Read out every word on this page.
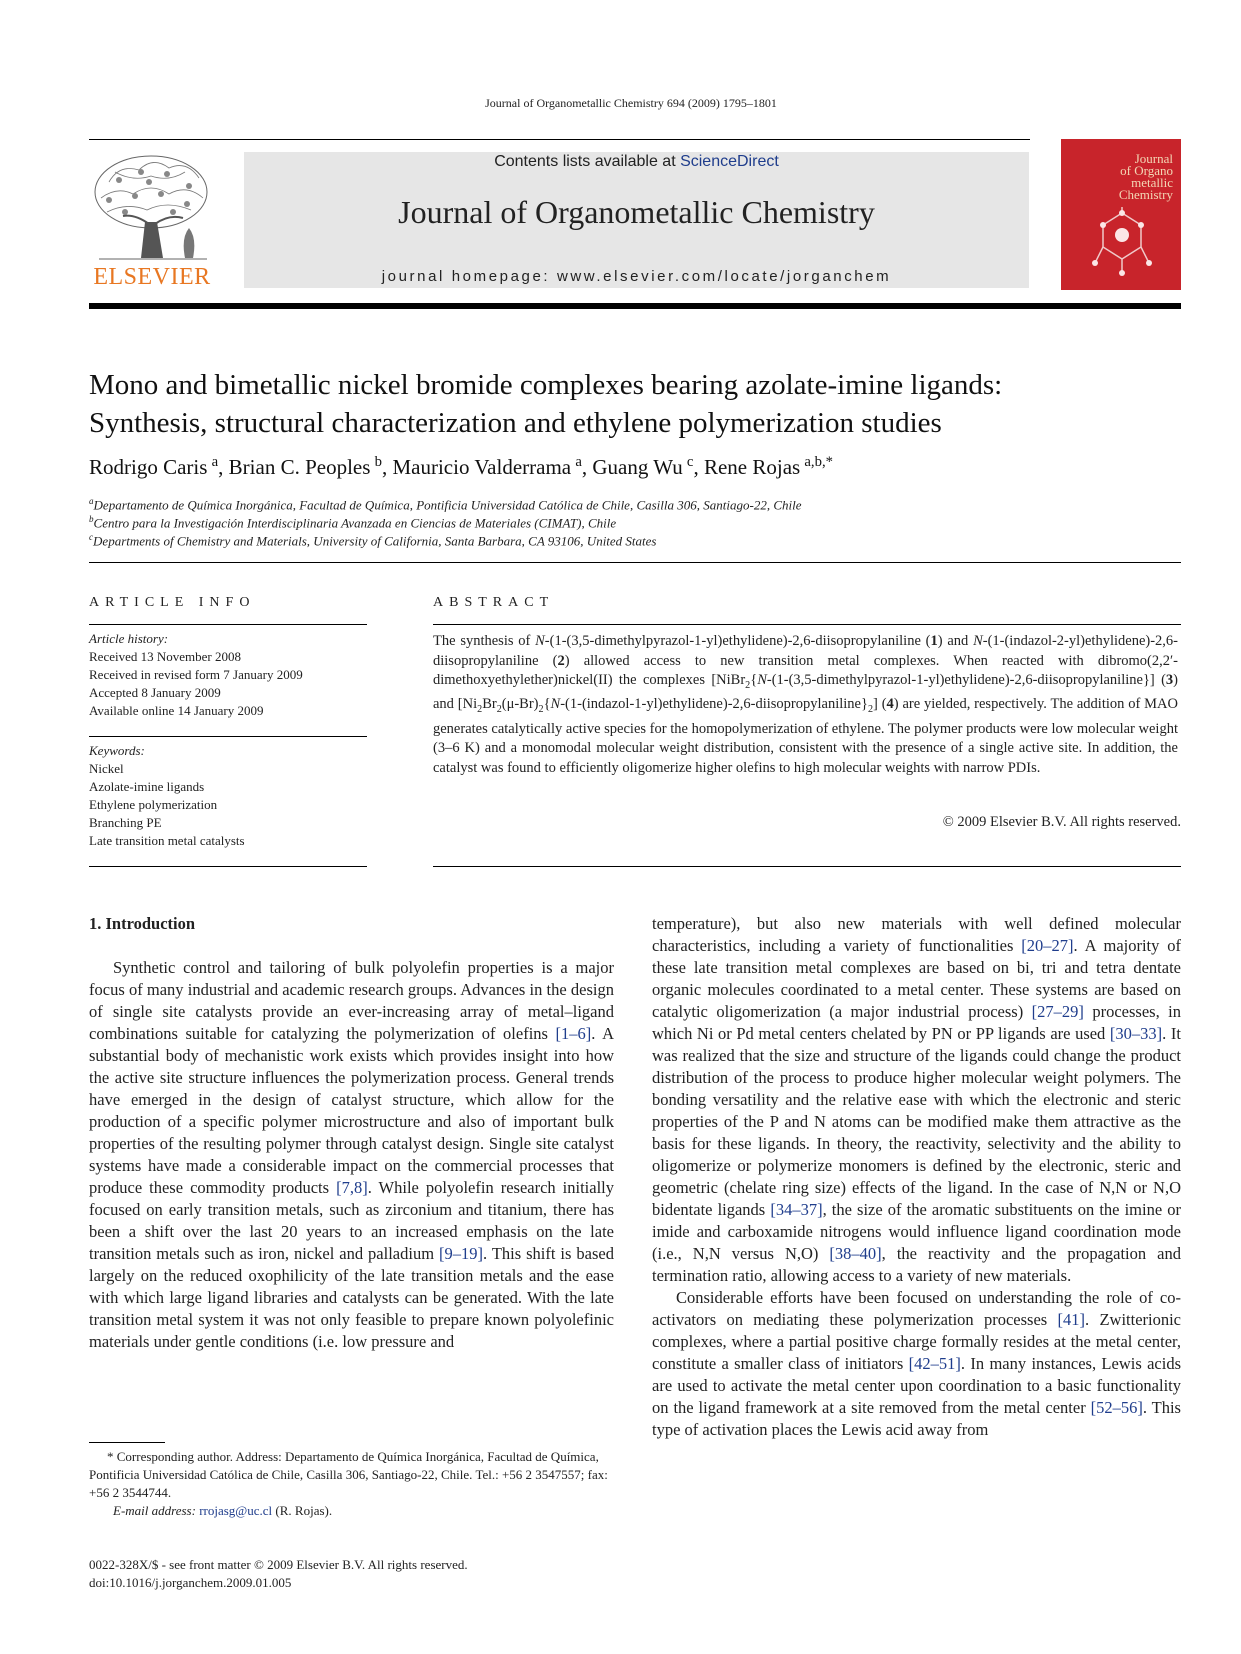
Journal of Organometallic Chemistry 694 (2009) 1795–1801
ELSEVIER
Contents lists available at ScienceDirect
Journal of Organometallic Chemistry
journal homepage: www.elsevier.com/locate/jorganchem
Journal
of Organo
metallic
Chemistry
Mono and bimetallic nickel bromide complexes bearing azolate-imine ligands:
Synthesis, structural characterization and ethylene polymerization studies
Rodrigo Caris  $^a$, Brian C. Peoples  $^b$, Mauricio Valderrama  $^a$, Guang Wu  $^c$, Rene Rojas  $^{a,b,*}$
$^a$Departamento de Química Inorgánica, Facultad de Química, Pontificia Universidad Católica de Chile, Casilla 306, Santiago-22, Chile
$^b$Centro para la Investigación Interdisciplinaria Avanzada en Ciencias de Materiales (CIMAT), Chile
$^c$Departments of Chemistry and Materials, University of California, Santa Barbara, CA 93106, United States
ARTICLE INFO
Article history:
Received 13 November 2008
Received in revised form 7 January 2009
Accepted 8 January 2009
Available online 14 January 2009
Keywords:
Nickel
Azolate-imine ligands
Ethylene polymerization
Branching PE
Late transition metal catalysts
ABSTRACT
The synthesis of N-(1-(3,5-dimethylpyrazol-1-yl)ethylidene)-2,6-diisopropylaniline (1) and N-(1-(indazol-2-yl)ethylidene)-2,6-diisopropylaniline (2) allowed access to new transition metal complexes. When reacted with dibromo(2,2′-dimethoxyethylether)nickel(II) the complexes [NiBr$_2${N-(1-(3,5-dimethylpyrazol-1-yl)ethylidene)-2,6-diisopropylaniline}] (3) and $[Ni_2Br_2(\mu-Br)_2\{N-(1-(indazol-1-yl)ethylidene)-2,6-diisopropylaniline\}_2]$ (4) are yielded, respectively. The addition of MAO generates catalytically active species for the homopolymerization of ethylene. The polymer products were low molecular weight (3–6 K) and a monomodal molecular weight distribution, consistent with the presence of a single active site. In addition, the catalyst was found to efficiently oligomerize higher olefins to high molecular weights with narrow PDIs.
© 2009 Elsevier B.V. All rights reserved.
1. Introduction

Synthetic control and tailoring of bulk polyolefin properties is a major focus of many industrial and academic research groups. Advances in the design of single site catalysts provide an ever-increasing array of metal–ligand combinations suitable for catalyzing the polymerization of olefins [1–6]. A substantial body of mechanistic work exists which provides insight into how the active site structure influences the polymerization process. General trends have emerged in the design of catalyst structure, which allow for the production of a specific polymer microstructure and also of important bulk properties of the resulting polymer through catalyst design. Single site catalyst systems have made a considerable impact on the commercial processes that produce these commodity products [7,8]. While polyolefin research initially focused on early transition metals, such as zirconium and titanium, there has been a shift over the last 20 years to an increased emphasis on the late transition metals such as iron, nickel and palladium [9–19]. This shift is based largely on the reduced oxophilicity of the late transition metals and the ease with which large ligand libraries and catalysts can be generated. With the late transition metal system it was not only feasible to prepare known polyolefinic materials under gentle conditions (i.e. low pressure and

temperature), but also new materials with well defined molecular characteristics, including a variety of functionalities [20–27]. A majority of these late transition metal complexes are based on bi, tri and tetra dentate organic molecules coordinated to a metal center. These systems are based on catalytic oligomerization (a major industrial process) [27–29] processes, in which Ni or Pd metal centers chelated by PN or PP ligands are used [30–33]. It was realized that the size and structure of the ligands could change the product distribution of the process to produce higher molecular weight polymers. The bonding versatility and the relative ease with which the electronic and steric properties of the P and N atoms can be modified make them attractive as the basis for these ligands. In theory, the reactivity, selectivity and the ability to oligomerize or polymerize monomers is defined by the electronic, steric and geometric (chelate ring size) effects of the ligand. In the case of N,N or N,O bidentate ligands [34–37], the size of the aromatic substituents on the imine or imide and carboxamide nitrogens would influence ligand coordination mode (i.e., N,N versus N,O) [38–40], the reactivity and the propagation and termination ratio, allowing access to a variety of new materials.

Considerable efforts have been focused on understanding the role of co-activators on mediating these polymerization processes [41]. Zwitterionic complexes, where a partial positive charge formally resides at the metal center, constitute a smaller class of initiators [42–51]. In many instances, Lewis acids are used to activate the metal center upon coordination to a basic functionality on the ligand framework at a site removed from the metal center [52–56]. This type of activation places the Lewis acid away from

* Corresponding author. Address: Departamento de Química Inorgánica, Facultad de Química, Pontificia Universidad Católica de Chile, Casilla 306, Santiago-22, Chile. Tel.: +56 2 3547557; fax: +56 2 3544744.
E-mail address: rrojasg@uc.cl (R. Rojas).
0022-328X/$ - see front matter © 2009 Elsevier B.V. All rights reserved.
doi:10.1016/j.jorganchem.2009.01.005
